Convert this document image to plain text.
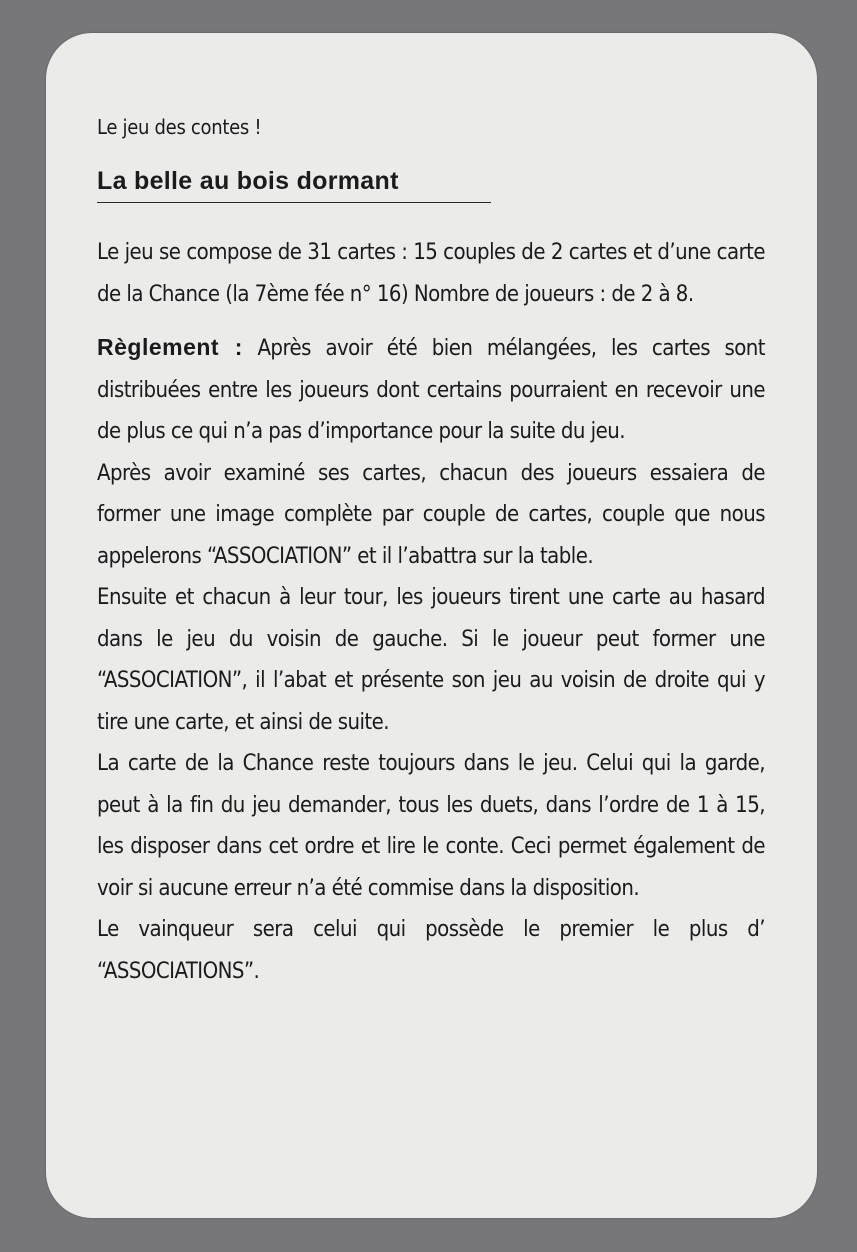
Le jeu des contes !

La belle au bois dormant

Le jeu se compose de 31 cartes : 15 couples de 2 cartes et d’une carte de la Chance (la 7ème fée n° 16) Nombre de joueurs : de 2 à 8.

Règlement : Après avoir été bien mélangées, les cartes sont distribuées entre les joueurs dont certains pourraient en recevoir une de plus ce qui n’a pas d’importance pour la suite du jeu.

Après avoir examiné ses cartes, chacun des joueurs essaiera de former une image complète par couple de cartes, couple que nous appelerons “ASSOCIATION” et il l’abattra sur la table.

Ensuite et chacun à leur tour, les joueurs tirent une carte au hasard dans le jeu du voisin de gauche. Si le joueur peut former une “ASSOCIATION”, il l’abat et présente son jeu au voisin de droite qui y tire une carte, et ainsi de suite.

La carte de la Chance reste toujours dans le jeu. Celui qui la garde, peut à la fin du jeu demander, tous les duets, dans l’ordre de 1 à 15, les disposer dans cet ordre et lire le conte. Ceci permet également de voir si aucune erreur n’a été commise dans la disposition.

Le vainqueur sera celui qui possède le premier le plus d’ “ASSOCIATIONS”.
